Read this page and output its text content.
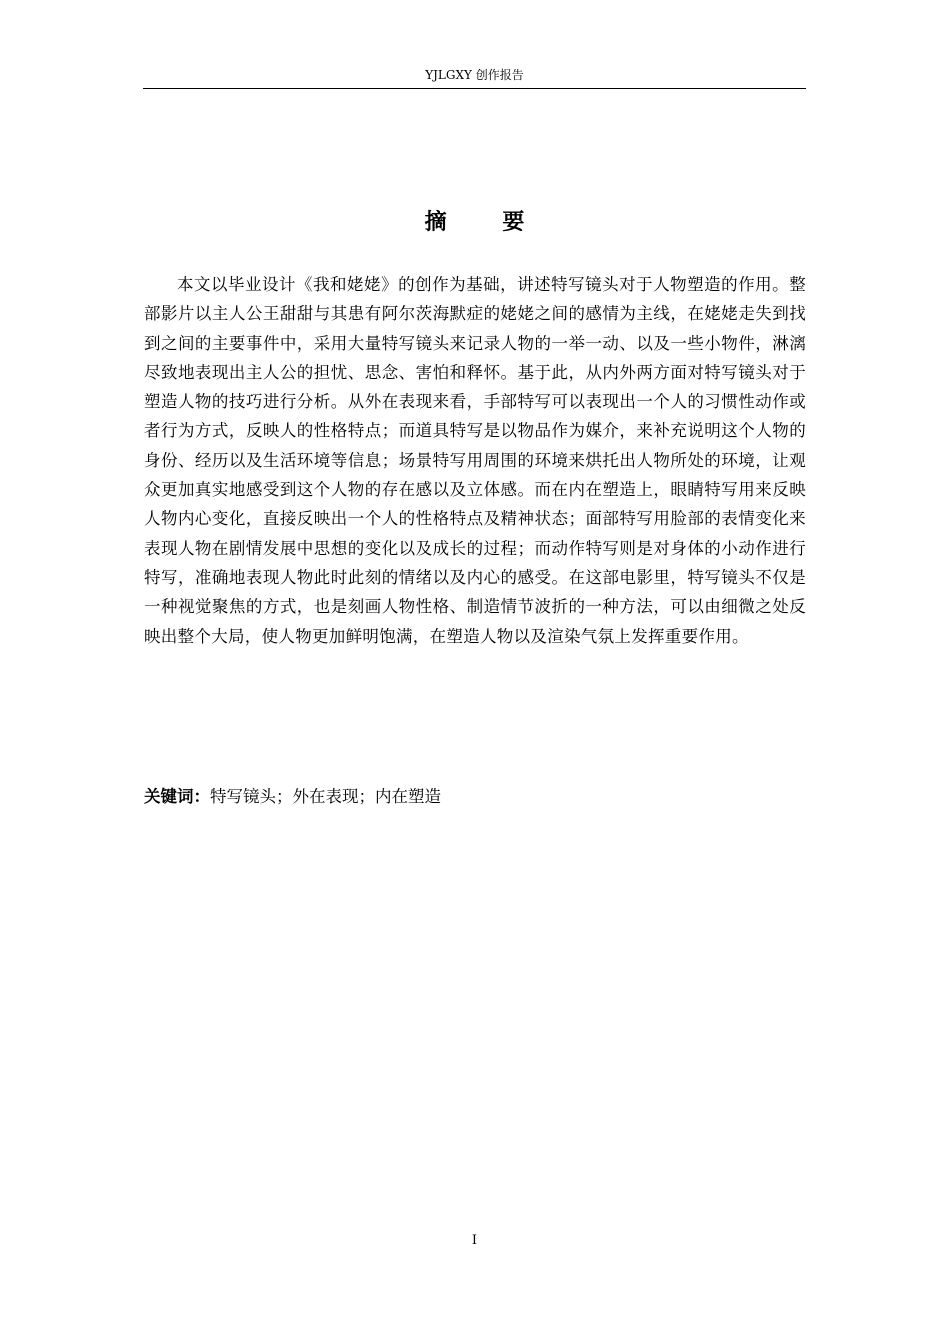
YJLGXY 创作报告
摘 要

本文以毕业设计《我和姥姥》的创作为基础，讲述特写镜头对于人物塑造的作用。整部影片以主人公王甜甜与其患有阿尔茨海默症的姥姥之间的感情为主线，在姥姥走失到找到之间的主要事件中，采用大量特写镜头来记录人物的一举一动、以及一些小物件，淋漓尽致地表现出主人公的担忧、思念、害怕和释怀。基于此，从内外两方面对特写镜头对于塑造人物的技巧进行分析。从外在表现来看，手部特写可以表现出一个人的习惯性动作或者行为方式，反映人的性格特点；而道具特写是以物品作为媒介，来补充说明这个人物的身份、经历以及生活环境等信息；场景特写用周围的环境来烘托出人物所处的环境，让观众更加真实地感受到这个人物的存在感以及立体感。而在内在塑造上，眼睛特写用来反映人物内心变化，直接反映出一个人的性格特点及精神状态；面部特写用脸部的表情变化来表现人物在剧情发展中思想的变化以及成长的过程；而动作特写则是对身体的小动作进行特写，准确地表现人物此时此刻的情绪以及内心的感受。在这部电影里，特写镜头不仅是一种视觉聚焦的方式，也是刻画人物性格、制造情节波折的一种方法，可以由细微之处反映出整个大局，使人物更加鲜明饱满，在塑造人物以及渲染气氛上发挥重要作用。

关键词：特写镜头；外在表现；内在塑造
I
